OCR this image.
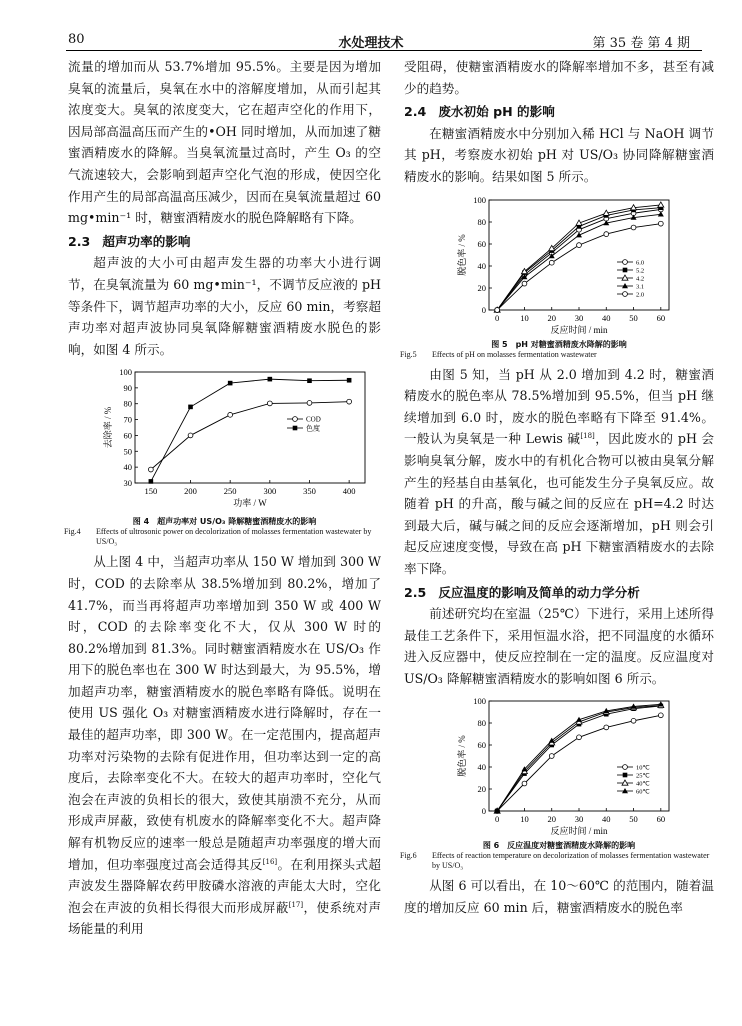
80	水处理技术	第 35 卷 第 4 期

流量的增加而从 53.7%增加 95.5%。主要是因为增加臭氧的流量后，臭氧在水中的溶解度增加，从而引起其浓度变大。臭氧的浓度变大，它在超声空化的作用下，因局部高温高压而产生的•OH 同时增加，从而加速了糖蜜酒精废水的降解。当臭氧流量过高时，产生 O₃ 的空气流速较大，会影响到超声空化气泡的形成，使因空化作用产生的局部高温高压减少，因而在臭氧流量超过 60 mg•min⁻¹ 时，糖蜜酒精废水的脱色降解略有下降。

2.3 超声功率的影响

超声波的大小可由超声发生器的功率大小进行调节，在臭氧流量为 60 mg•min⁻¹，不调节反应液的 pH 等条件下，调节超声功率的大小，反应 60 min，考察超声功率对超声波协同臭氧降解糖蜜酒精废水脱色的影响，如图 4 所示。

150	200	250	300	350	400
30
40
50
60
70
80
90
100
功率 / W
去除率 / %	COD
色度
图 4　超声功率对 US/O₃ 降解糖蜜酒精废水的影响
Fig.4 Effects of ultrosonic power on decolorization of molasses fermentation wastewater by US/O₃

从上图 4 中，当超声功率从 150 W 增加到 300 W 时，COD 的去除率从 38.5%增加到 80.2%，增加了 41.7%，而当再将超声功率增加到 350 W 或 400 W 时，COD 的去除率变化不大，仅从 300 W 时的 80.2%增加到 81.3%。同时糖蜜酒精废水在 US/O₃ 作用下的脱色率也在 300 W 时达到最大，为 95.5%，增加超声功率，糖蜜酒精废水的脱色率略有降低。说明在使用 US 强化 O₃ 对糖蜜酒精废水进行降解时，存在一最佳的超声功率，即 300 W。在一定范围内，提高超声功率对污染物的去除有促进作用，但功率达到一定的高度后，去除率变化不大。在较大的超声功率时，空化气泡会在声波的负相长的很大，致使其崩溃不充分，从而形成声屏蔽，致使有机废水的降解率变化不大。超声降解有机物反应的速率一般总是随超声功率强度的增大而增加，但功率强度过高会适得其反[16]。在利用探头式超声波发生器降解农药甲胺磷水溶液的声能太大时，空化泡会在声波的负相长得很大而形成屏蔽[17]，使系统对声场能量的利用

受阻碍，使糖蜜酒精废水的降解率增加不多，甚至有减少的趋势。

2.4 废水初始 pH 的影响

在糖蜜酒精废水中分别加入稀 HCl 与 NaOH 调节其 pH，考察废水初始 pH 对 US/O₃ 协同降解糖蜜酒精废水的影响。结果如图 5 所示。

0 10 20 30 40 50 60
0
20
40
60
80
100
反应时间 / min
脱色率 / %	6.0
5.2
4.2
3.1
2.0
图 5　pH 对糖蜜酒精废水降解的影响
Fig.5 Effects of pH on molasses fermentation wastewater

由图 5 知，当 pH 从 2.0 增加到 4.2 时，糖蜜酒精废水的脱色率从 78.5%增加到 95.5%，但当 pH 继续增加到 6.0 时，废水的脱色率略有下降至 91.4%。一般认为臭氧是一种 Lewis 碱[18]，因此废水的 pH 会影响臭氧分解，废水中的有机化合物可以被由臭氧分解产生的羟基自由基氧化，也可能发生分子臭氧反应。故随着 pH 的升高，酸与碱之间的反应在 pH=4.2 时达到最大后，碱与碱之间的反应会逐渐增加，pH 则会引起反应速度变慢，导致在高 pH 下糖蜜酒精废水的去除率下降。

2.5 反应温度的影响及简单的动力学分析

前述研究均在室温（25℃）下进行，采用上述所得最佳工艺条件下，采用恒温水浴，把不同温度的水循环进入反应器中，使反应控制在一定的温度。反应温度对 US/O₃ 降解糖蜜酒精废水的影响如图 6 所示。

0 10 20 30 40 50 60
0
20
40
60
80
100
反应时间 / min
脱色率 / %	10℃
25℃
40℃
60℃
图 6　反应温度对糖蜜酒精废水降解的影响
Fig.6 Effects of reaction temperature on decolorization of molasses fermentation wastewater by US/O₃

从图 6 可以看出，在 10～60℃ 的范围内，随着温度的增加反应 60 min 后，糖蜜酒精废水的脱色率
